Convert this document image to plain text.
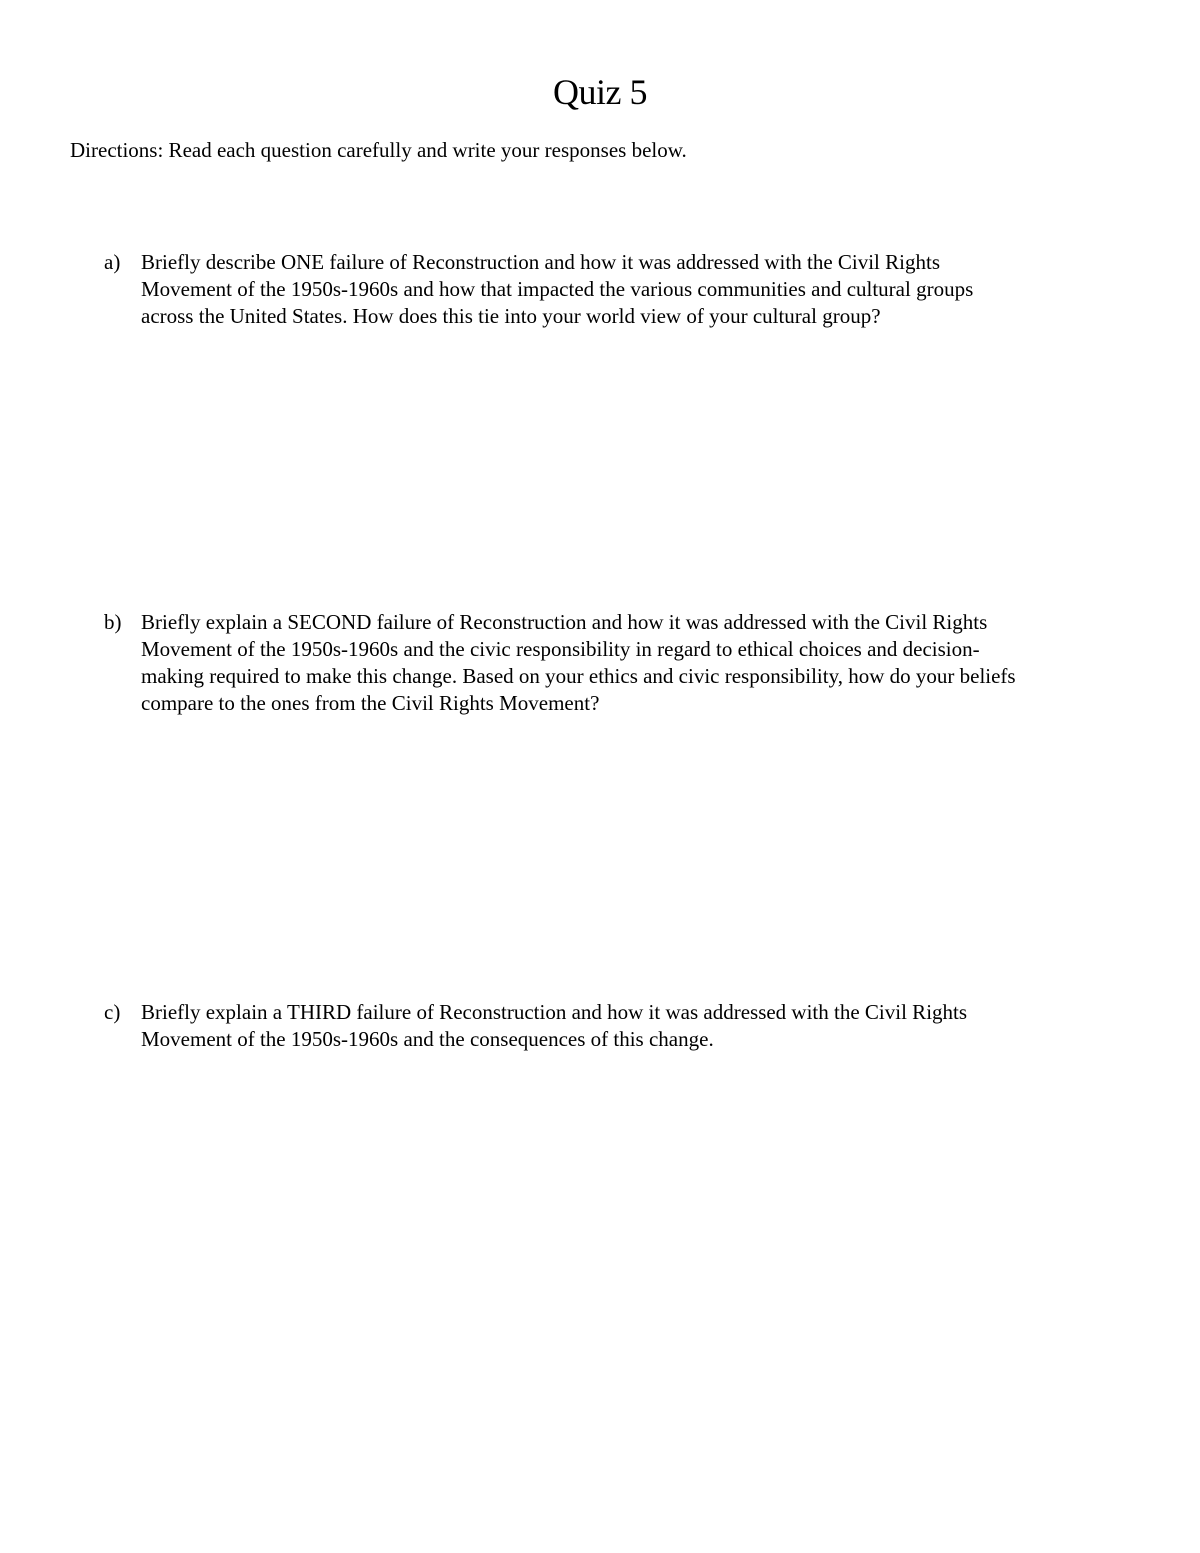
Quiz 5
Directions: Read each question carefully and write your responses below.
a) Briefly describe ONE failure of Reconstruction and how it was addressed with the Civil Rights
Movement of the 1950s-1960s and how that impacted the various communities and cultural groups
across the United States. How does this tie into your world view of your cultural group?
b) Briefly explain a SECOND failure of Reconstruction and how it was addressed with the Civil Rights
Movement of the 1950s-1960s and the civic responsibility in regard to ethical choices and decision-
making required to make this change. Based on your ethics and civic responsibility, how do your beliefs
compare to the ones from the Civil Rights Movement?
c) Briefly explain a THIRD failure of Reconstruction and how it was addressed with the Civil Rights
Movement of the 1950s-1960s and the consequences of this change.
